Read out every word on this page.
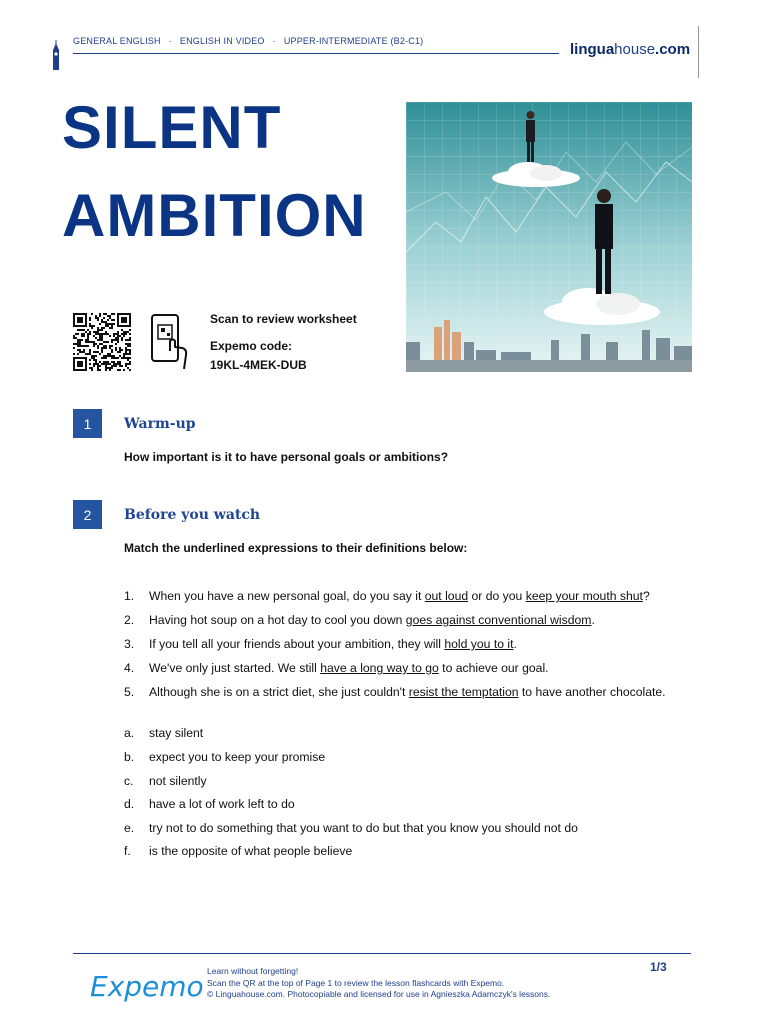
GENERAL ENGLISH · ENGLISH IN VIDEO · UPPER-INTERMEDIATE (B2-C1)	linguahouse.com
SILENT
AMBITION
Scan to review worksheet
Expemo code:
19KL-4MEK-DUB
1	Warm-up
How important is it to have personal goals or ambitions?
2	Before you watch
Match the underlined expressions to their definitions below:
1.	When you have a new personal goal, do you say it out loud or do you keep your mouth shut?
2.	Having hot soup on a hot day to cool you down goes against conventional wisdom.
3.	If you tell all your friends about your ambition, they will hold you to it.
4.	We've only just started. We still have a long way to go to achieve our goal.
5.	Although she is on a strict diet, she just couldn't resist the temptation to have another chocolate.
a.	stay silent
b.	expect you to keep your promise
c.	not silently
d.	have a lot of work left to do
e.	try not to do something that you want to do but that you know you should not do
f.	is the opposite of what people believe
Expemo Learn without forgetting!
Scan the QR at the top of Page 1 to review the lesson flashcards with Expemo.
© Linguahouse.com. Photocopiable and licensed for use in Agnieszka Adamczyk's lessons.
1/3
